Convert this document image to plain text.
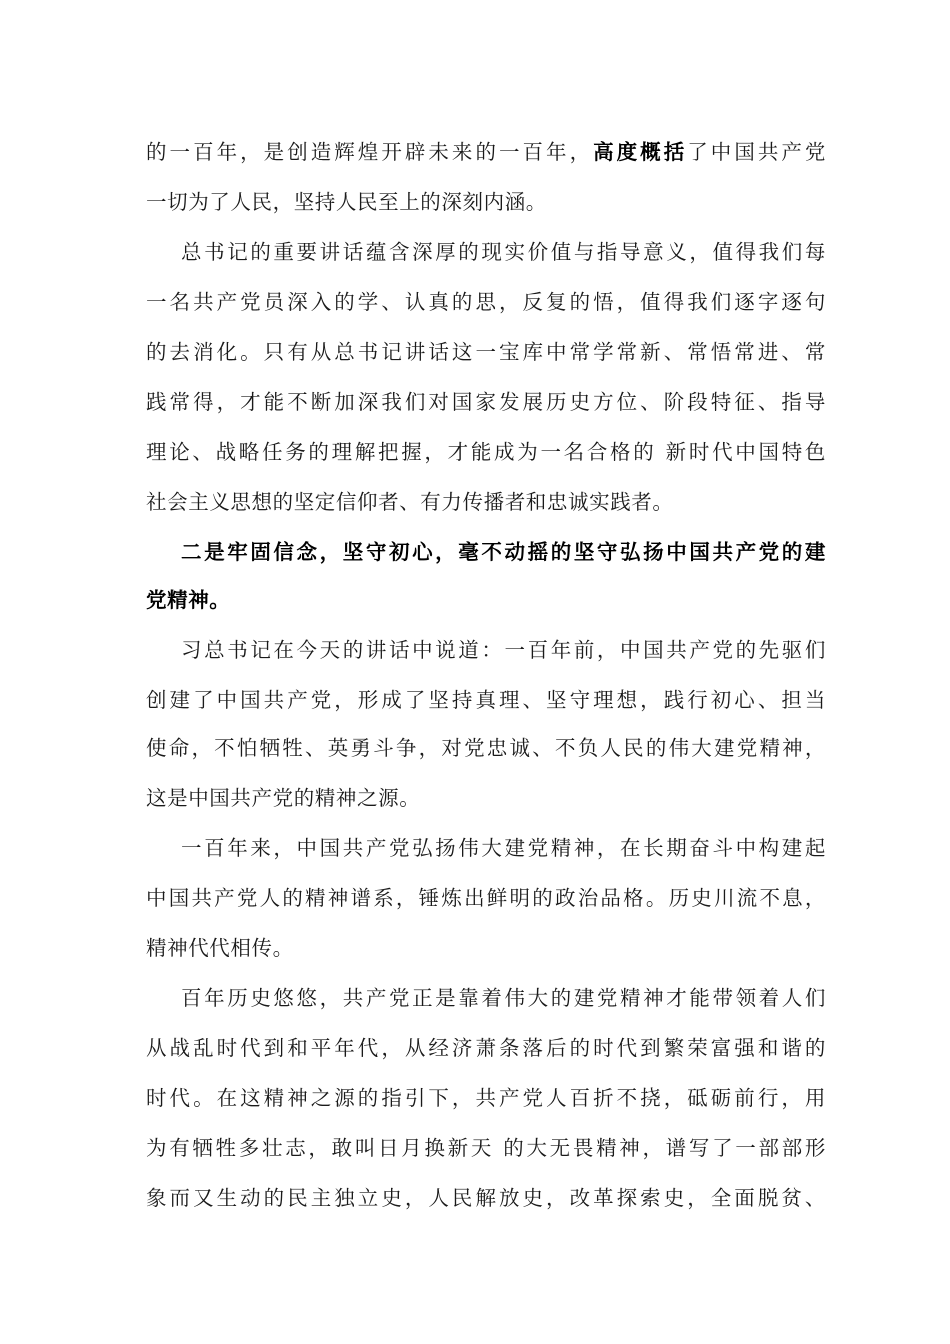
的一百年，是创造辉煌开辟未来的一百年，高度概括了中国共产党
一切为了人民，坚持人民至上的深刻内涵。
总书记的重要讲话蕴含深厚的现实价值与指导意义，值得我们每
一名共产党员深入的学、认真的思，反复的悟，值得我们逐字逐句
的去消化。只有从总书记讲话这一宝库中常学常新、常悟常进、常
践常得，才能不断加深我们对国家发展历史方位、阶段特征、指导
理论、战略任务的理解把握，才能成为一名合格的 新时代中国特色
社会主义思想的坚定信仰者、有力传播者和忠诚实践者。
二是牢固信念，坚守初心，毫不动摇的坚守弘扬中国共产党的建
党精神。
习总书记在今天的讲话中说道：一百年前，中国共产党的先驱们
创建了中国共产党，形成了坚持真理、坚守理想，践行初心、担当
使命，不怕牺牲、英勇斗争，对党忠诚、不负人民的伟大建党精神，
这是中国共产党的精神之源。
一百年来，中国共产党弘扬伟大建党精神，在长期奋斗中构建起
中国共产党人的精神谱系，锤炼出鲜明的政治品格。历史川流不息，
精神代代相传。
百年历史悠悠，共产党正是靠着伟大的建党精神才能带领着人们
从战乱时代到和平年代，从经济萧条落后的时代到繁荣富强和谐的
时代。在这精神之源的指引下，共产党人百折不挠，砥砺前行，用
为有牺牲多壮志，敢叫日月换新天 的大无畏精神，谱写了一部部形
象而又生动的民主独立史，人民解放史，改革探索史，全面脱贫、
